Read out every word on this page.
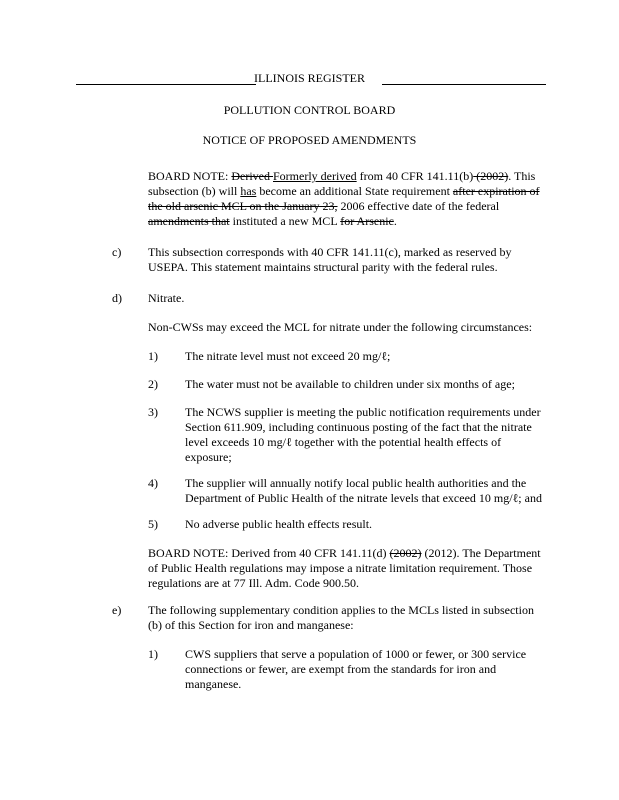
ILLINOIS REGISTER
POLLUTION CONTROL BOARD
NOTICE OF PROPOSED AMENDMENTS
BOARD NOTE: Derived Formerly derived from 40 CFR 141.11(b) (2002). This subsection (b) will has become an additional State requirement after expiration of the old arsenic MCL on the January 23, 2006 effective date of the federal amendments that instituted a new MCL for Arsenic.
c) This subsection corresponds with 40 CFR 141.11(c), marked as reserved by USEPA. This statement maintains structural parity with the federal rules.
d) Nitrate.
Non-CWSs may exceed the MCL for nitrate under the following circumstances:
1) The nitrate level must not exceed 20 mg/ℓ;
2) The water must not be available to children under six months of age;
3) The NCWS supplier is meeting the public notification requirements under Section 611.909, including continuous posting of the fact that the nitrate level exceeds 10 mg/ℓ together with the potential health effects of exposure;
4) The supplier will annually notify local public health authorities and the Department of Public Health of the nitrate levels that exceed 10 mg/ℓ; and
5) No adverse public health effects result.
BOARD NOTE: Derived from 40 CFR 141.11(d) (2002) (2012). The Department of Public Health regulations may impose a nitrate limitation requirement. Those regulations are at 77 Ill. Adm. Code 900.50.
e) The following supplementary condition applies to the MCLs listed in subsection (b) of this Section for iron and manganese:
1) CWS suppliers that serve a population of 1000 or fewer, or 300 service connections or fewer, are exempt from the standards for iron and manganese.
